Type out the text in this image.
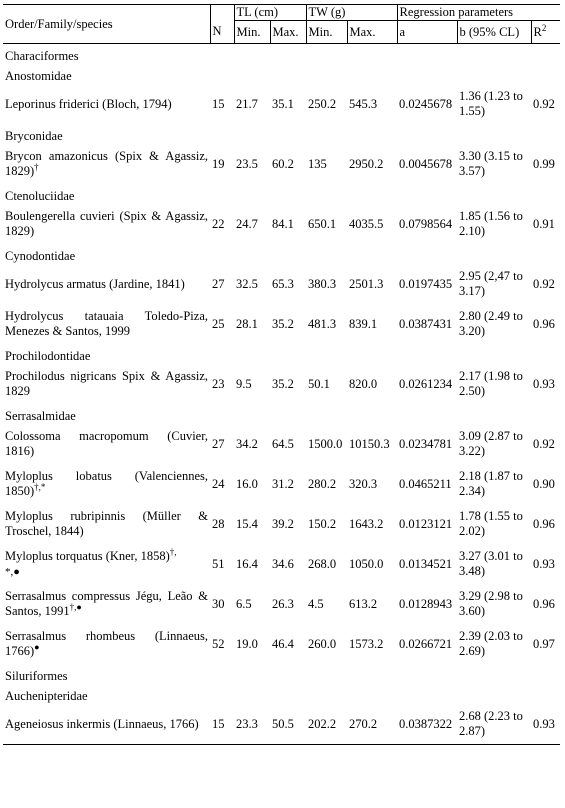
Order/Family/species		TL (cm)		TW (g)		Regression parameters		
	N	Min.	Max.	Min.	Max.	a	b (95% CL)	$R^2$
Characiformes								
Anostomidae								
Leporinus friderici (Bloch, 1794)	15	21.7	35.1	250.2	545.3	0.0245678	1.36 (1.23 to 1.55)	0.92
Bryconidae								
Brycon amazonicus (Spix & Agassiz, 1829)†	19	23.5	60.2	135	2950.2	0.0045678	3.30 (3.15 to 3.57)	0.99
Ctenoluciidae								
Boulengerella cuvieri (Spix & Agassiz, 1829)	22	24.7	84.1	650.1	4035.5	0.0798564	1.85 (1.56 to 2.10)	0.91
Cynodontidae								
Hydrolycus armatus (Jardine, 1841)	27	32.5	65.3	380.3	2501.3	0.0197435	2.95 (2,47 to 3.17)	0.92
Hydrolycus tatauaia Toledo-Piza, Menezes & Santos, 1999	25	28.1	35.2	481.3	839.1	0.0387431	2.80 (2.49 to 3.20)	0.96
Prochilodontidae								
Prochilodus nigricans Spix & Agassiz, 1829	23	9.5	35.2	50.1	820.0	0.0261234	2.17 (1.98 to 2.50)	0.93
Serrasalmidae								
Colossoma macropomum (Cuvier, 1816)	27	34.2	64.5	1500.0	10150.3	0.0234781	3.09 (2.87 to 3.22)	0.92
Myloplus lobatus (Valenciennes, 1850)†,*	24	16.0	31.2	280.2	320.3	0.0465211	2.18 (1.87 to 2.34)	0.90
Myloplus rubripinnis (Müller & Troschel, 1844)	28	15.4	39.2	150.2	1643.2	0.0123121	1.78 (1.55 to 2.02)	0.96
Myloplus torquatus (Kner, 1858)†,
*,●	51	16.4	34.6	268.0	1050.0	0.0134521	3.27 (3.01 to 3.48)	0.93
Serrasalmus compressus Jégu, Leão & Santos, 1991†,●	30	6.5	26.3	4.5	613.2	0.0128943	3.29 (2.98 to 3.60)	0.96
Serrasalmus rhombeus (Linnaeus, 1766)●	52	19.0	46.4	260.0	1573.2	0.0266721	2.39 (2.03 to 2.69)	0.97
Siluriformes								
Auchenipteridae								
Ageneiosus inkermis (Linnaeus, 1766)	15	23.3	50.5	202.2	270.2	0.0387322	2.68 (2.23 to 2.87)	0.93
